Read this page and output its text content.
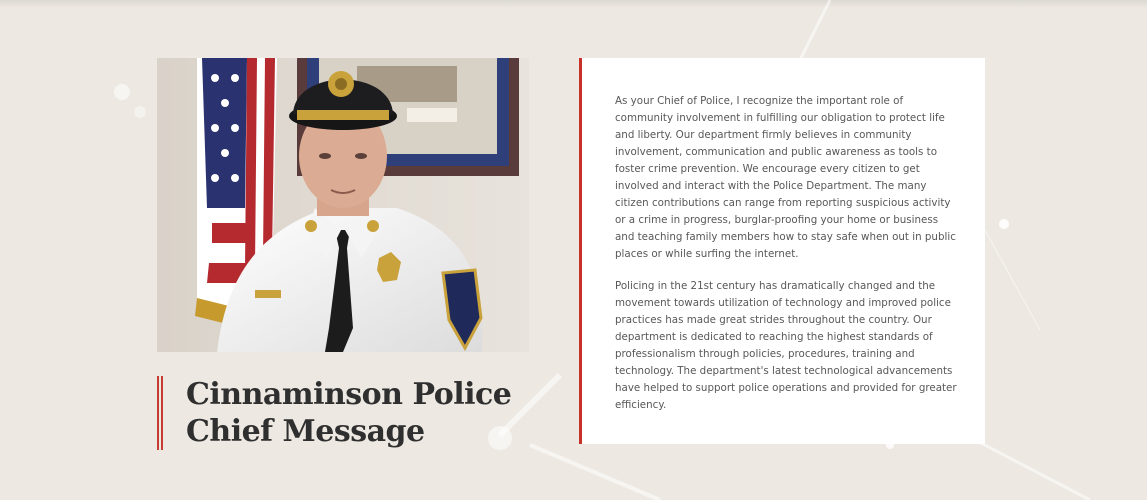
Cinnaminson Police
Chief Message

As your Chief of Police, I recognize the important role of community involvement in fulfilling our obligation to protect life and liberty. Our department firmly believes in community involvement, communication and public awareness as tools to foster crime prevention. We encourage every citizen to get involved and interact with the Police Department. The many citizen contributions can range from reporting suspicious activity or a crime in progress, burglar-proofing your home or business and teaching family members how to stay safe when out in public places or while surfing the internet.

Policing in the 21st century has dramatically changed and the movement towards utilization of technology and improved police practices has made great strides throughout the country. Our department is dedicated to reaching the highest standards of professionalism through policies, procedures, training and technology. The department's latest technological advancements have helped to support police operations and provided for greater efficiency.
